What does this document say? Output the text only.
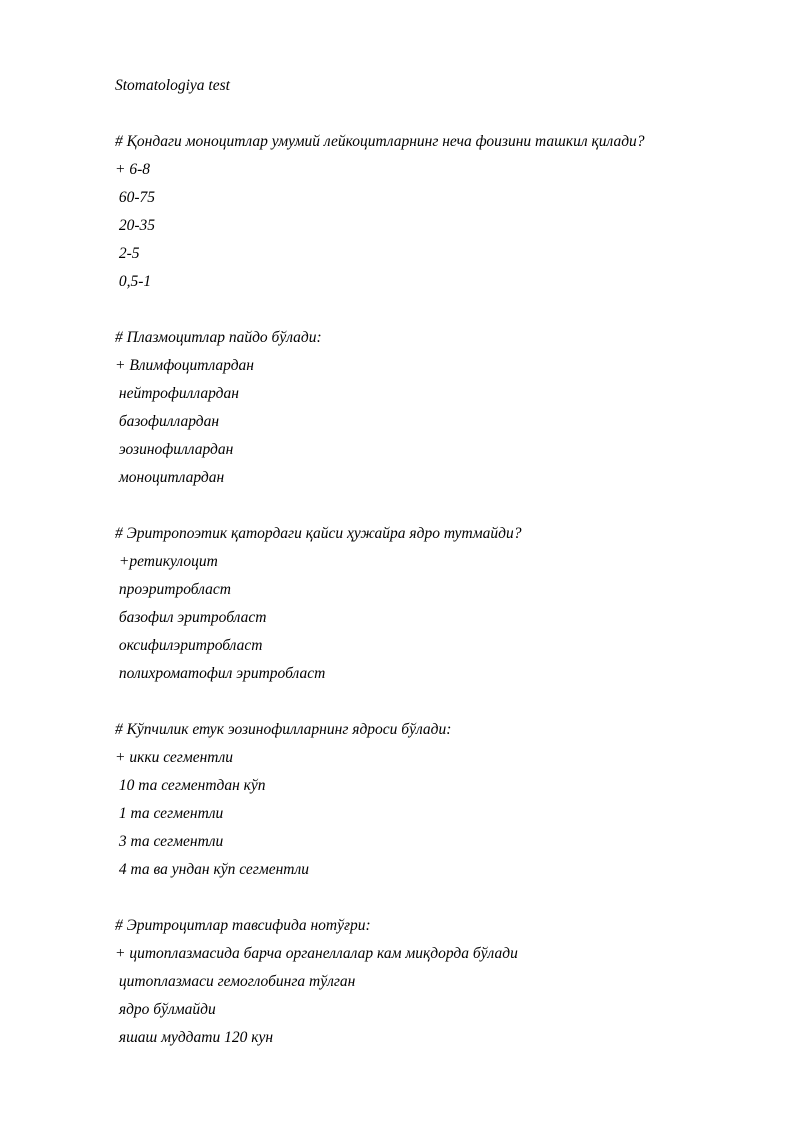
Stomatologiya test
# Қондаги моноцитлар умумий лейкоцитларнинг неча фоизини ташкил қилади?
+ 6-8
60-75
20-35
2-5
0,5-1
# Плазмоцитлар пайдо бўлади:
+ Влимфоцитлардан
нейтрофиллардан
базофиллардан
эозинофиллардан
моноцитлардан
# Эритропоэтик қатордаги қайси ҳужайра ядро тутмайди?
+ретикулоцит
проэритробласт
базофил эритробласт
оксифилэритробласт
полихроматофил эритробласт
# Кўпчилик етук эозинофилларнинг ядроси бўлади:
+ икки сегментли
10 та сегментдан кўп
1 та сегментли
3 та сегментли
4 та ва ундан кўп сегментли
# Эритроцитлар тавсифида нотўғри:
+ цитоплазмасида барча органеллалар кам миқдорда бўлади
цитоплазмаси гемоглобинга тўлган
ядро бўлмайди
яшаш муддати 120 кун
